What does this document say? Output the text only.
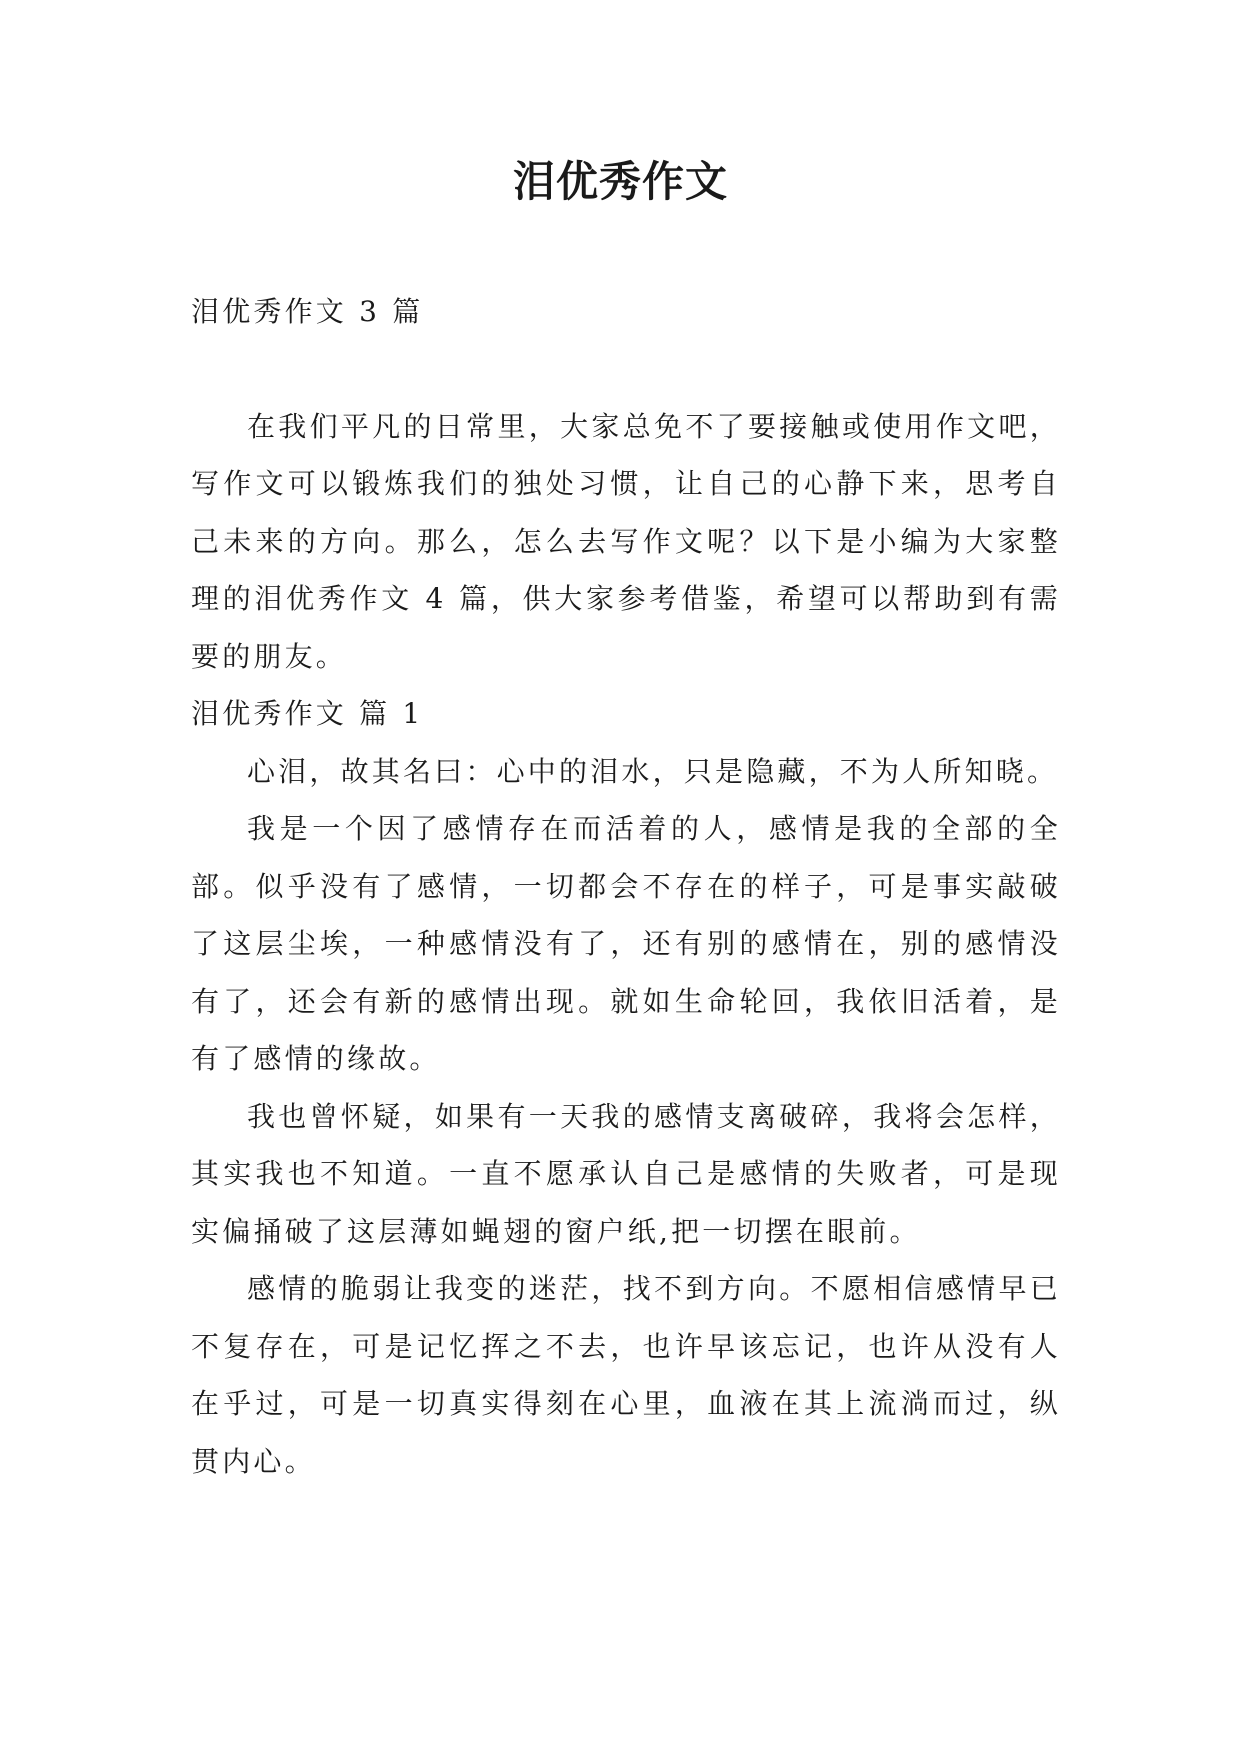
泪优秀作文

泪优秀作文 3 篇

在我们平凡的日常里，大家总免不了要接触或使用作文吧，写作文可以锻炼我们的独处习惯，让自己的心静下来，思考自己未来的方向。那么，怎么去写作文呢？以下是小编为大家整理的泪优秀作文 4 篇，供大家参考借鉴，希望可以帮助到有需要的朋友。

泪优秀作文 篇 1

心泪，故其名曰：心中的泪水，只是隐藏，不为人所知晓。

我是一个因了感情存在而活着的人，感情是我的全部的全部。似乎没有了感情，一切都会不存在的样子，可是事实敲破了这层尘埃，一种感情没有了，还有别的感情在，别的感情没有了，还会有新的感情出现。就如生命轮回，我依旧活着，是有了感情的缘故。

我也曾怀疑，如果有一天我的感情支离破碎，我将会怎样，其实我也不知道。一直不愿承认自己是感情的失败者，可是现实偏捅破了这层薄如蝇翅的窗户纸,把一切摆在眼前。

感情的脆弱让我变的迷茫，找不到方向。不愿相信感情早已不复存在，可是记忆挥之不去，也许早该忘记，也许从没有人在乎过，可是一切真实得刻在心里，血液在其上流淌而过，纵贯内心。
